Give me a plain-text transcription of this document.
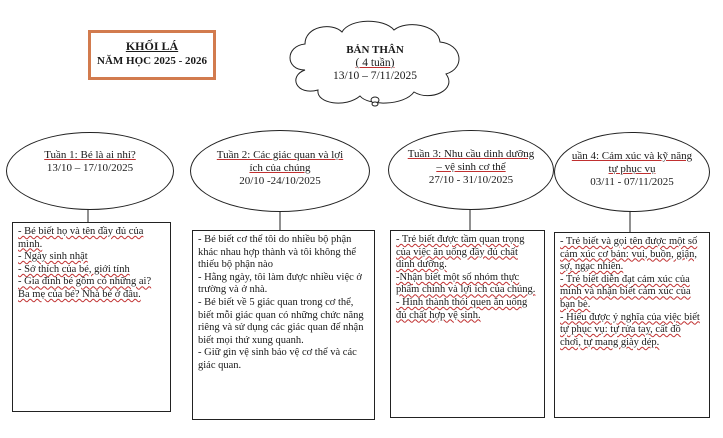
KHỐI LÁ
NĂM HỌC 2025 - 2026
BẢN THÂN
( 4 tuần)
13/10 – 7/11/2025
Tuần 1: Bé là ai nhỉ?
13/10 – 17/10/2025
Tuần 2: Các giác quan và lợi ích của chúng
20/10 -24/10/2025
Tuần 3: Nhu cầu dinh dưỡng – vệ sinh cơ thể
27/10 - 31/10/2025
uần 4: Cảm xúc và kỹ năng tự phục vụ
03/11 - 07/11/2025

- Bé biết họ và tên đầy đủ của mình.

- Ngày sinh nhật

- Sở thích của bé, giới tính

- Gia đình bé gồm có những ai? Ba mẹ của bé? Nhà bé ở đâu.

- Bé biết cơ thể tôi do nhiều bộ phận khác nhau hợp thành và tôi không thể thiếu bộ phận nào

- Hằng ngày, tôi làm được nhiều việc ở trường và ở nhà.

- Bé biết về 5 giác quan trong cơ thể, biết mỗi giác quan có những chức năng riêng và sử dụng các giác quan để nhận biết mọi thứ xung quanh.

- Giữ gìn vệ sinh bảo vệ cơ thể và các giác quan.

- Trẻ biết được tầm quan trọng của việc ăn uống đầy đủ chất dinh dưỡng.

-Nhận biết một số nhóm thực phẩm chính và lợi ích của chúng.

- Hình thành thói quen ăn uống đủ chất hợp vệ sinh.

- Trẻ biết và gọi tên được một số cảm xúc cơ bản: vui, buồn, giận, sợ, ngạc nhiên.

- Trẻ biết diễn đạt cảm xúc của mình và nhận biết cảm xúc của bạn bè.

- Hiểu được ý nghĩa của việc biết tự phục vụ: tự rửa tay, cất đồ chơi, tự mang giày dép.
